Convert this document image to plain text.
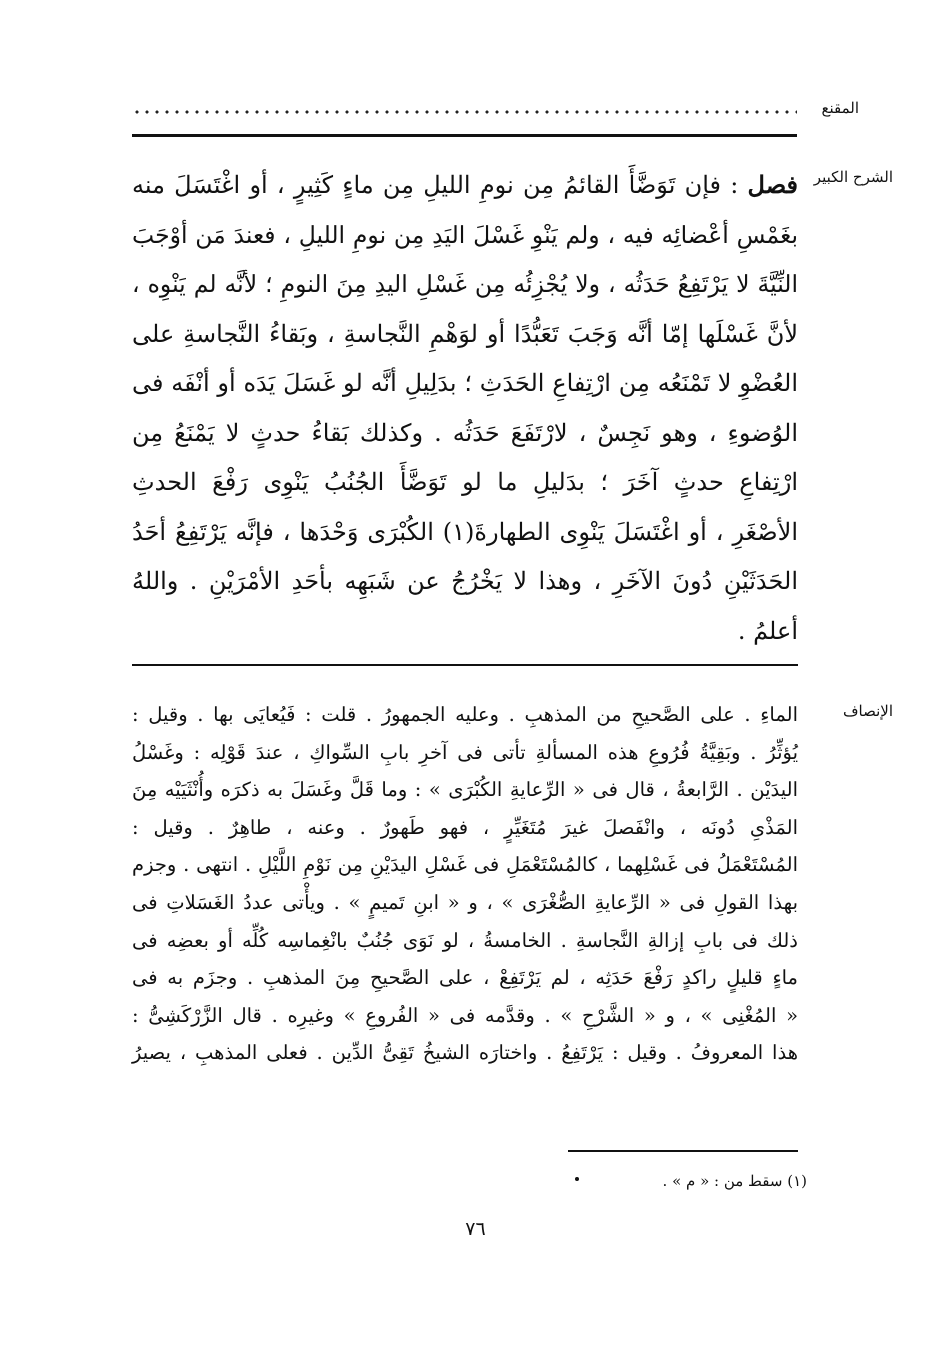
المقنع
الشرح الكبير
فصل : فإن تَوَضَّأَ القائمُ مِن نومِ الليلِ مِن ماءٍ كَثِيرٍ ، أو اغْتَسَلَ منه
بغَمْسِ أعْضائِه فيه ، ولم يَنْوِ غَسْلَ اليَدِ مِن نومِ الليلِ ، فعندَ مَن أوْجَبَ
النِّيَّةَ لا يَرْتَفِعُ حَدَثُه ، ولا يُجْزِئُه مِن غَسْلِ اليدِ مِنَ النومِ ؛ لأنَّه لم يَنْوِه ،
لأنَّ غَسْلَها إمّا أنَّه وَجَبَ تَعَبُّدًا أو لوَهْمِ النَّجاسةِ ، وبَقاءُ النَّجاسةِ على
العُضْوِ لا تَمْنَعُه مِن ارْتِفاعِ الحَدَثِ ؛ بدَلِيلِ أنَّه لو غَسَلَ يَدَه أو أنْفَه فى
الوُضوءِ ، وهو نَجِسٌ ، لارْتَفَعَ حَدَثُه . وكذلك بَقاءُ حدثٍ لا يَمْنَعُ مِن
ارْتِفاعِ حدثٍ آخَرَ ؛ بدَليلِ ما لو تَوَضَّأَ الجُنُبُ يَنْوِى رَفْعَ الحدثِ
الأصْغَرِ ، أو اغْتَسَلَ يَنْوِى الطهارةَ(١) الكُبْرَى وَحْدَها ، فإنَّه يَرْتَفِعُ أحَدُ
الحَدَثَيْنِ دُونَ الآخَرِ ، وهذا لا يَخْرُجُ عن شَبَهِه بأحَدِ الأمْرَيْنِ . واللهُ
أعلمُ .
الإنصاف
الماءِ . على الصَّحيحِ من المذهبِ . وعليه الجمهورُ . قلت : فَيُعايَى بها . وقيل :
يُؤثِّرُ . وبَقِيَّةُ فُرُوعِ هذه المسألةِ تأتى فى آخرِ بابِ السِّواكِ ، عندَ قَوْلِه : وغَسْلُ
اليدَيْن . الرَّابعةُ ، قال فى « الرِّعايةِ الكُبْرَى » : وما قَلَّ وغَسَلَ به ذكرَه وأُنْثَيَيْه مِنَ
المَذْىِ دُونَه ، وانْفَصلَ غيرَ مُتَغَيِّرٍ ، فهو طَهورٌ . وعنه ، طاهِرٌ . وقيل :
المُسْتَعْمَلُ فى غَسْلِهما ، كالمُسْتَعْمَلِ فى غَسْلِ اليدَيْنِ مِن نَوْمِ اللَّيْلِ . انتهى . وجزم
بهذا القولِ فى « الرِّعايةِ الصُّغْرَى » ، و « ابنِ تَميمٍ » . ويأْتى عددُ الغَسَلاتِ فى
ذلك فى بابِ إزالةِ النَّجاسةِ . الخامسةُ ، لو نَوَى جُنُبٌ بانْغِماسِه كُلِّه أو بعضِه فى
ماءٍ قليلٍ راكدٍ رَفْعَ حَدَثِه ، لم يَرْتَفِعْ ، على الصَّحيحِ مِنَ المذهبِ . وجزَم به فى
« المُغْنِى » ، و « الشَّرْحِ » . وقدَّمه فى « الفُروعِ » وغيرِه . قال الزَّرْكَشِىُّ :
هذا المعروفُ . وقيل : يَرْتَفِعُ . واختارَه الشيخُ تَقِىُّ الدِّين . فعلى المذهبِ ، يصيرُ
(١) سقط من : « م » .
٧٦
